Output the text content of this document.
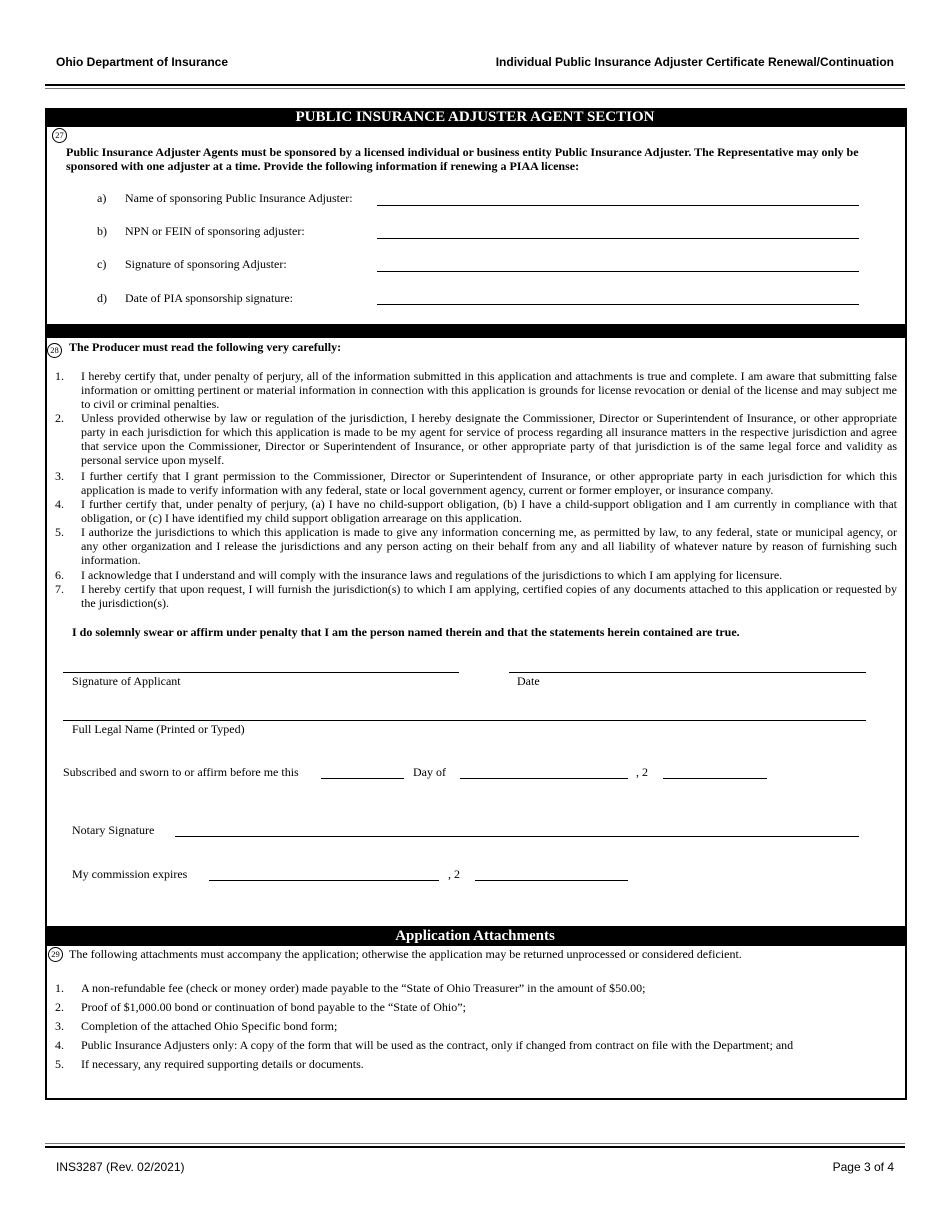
Ohio Department of Insurance	Individual Public Insurance Adjuster Certificate Renewal/Continuation
PUBLIC INSURANCE ADJUSTER AGENT SECTION
27
Public Insurance Adjuster Agents must be sponsored by a licensed individual or business entity Public Insurance Adjuster. The Representative may only be sponsored with one adjuster at a time. Provide the following information if renewing a PIAA license:
a) Name of sponsoring Public Insurance Adjuster:
b) NPN or FEIN of sponsoring adjuster:
c) Signature of sponsoring Adjuster:
d) Date of PIA sponsorship signature:
28 The Producer must read the following very carefully:
1. I hereby certify that, under penalty of perjury, all of the information submitted in this application and attachments is true and complete. I am aware that submitting false information or omitting pertinent or material information in connection with this application is grounds for license revocation or denial of the license and may subject me to civil or criminal penalties.
2. Unless provided otherwise by law or regulation of the jurisdiction, I hereby designate the Commissioner, Director or Superintendent of Insurance, or other appropriate party in each jurisdiction for which this application is made to be my agent for service of process regarding all insurance matters in the respective jurisdiction and agree that service upon the Commissioner, Director or Superintendent of Insurance, or other appropriate party of that jurisdiction is of the same legal force and validity as personal service upon myself.
3. I further certify that I grant permission to the Commissioner, Director or Superintendent of Insurance, or other appropriate party in each jurisdiction for which this application is made to verify information with any federal, state or local government agency, current or former employer, or insurance company.
4. I further certify that, under penalty of perjury, (a) I have no child-support obligation, (b) I have a child-support obligation and I am currently in compliance with that obligation, or (c) I have identified my child support obligation arrearage on this application.
5. I authorize the jurisdictions to which this application is made to give any information concerning me, as permitted by law, to any federal, state or municipal agency, or any other organization and I release the jurisdictions and any person acting on their behalf from any and all liability of whatever nature by reason of furnishing such information.
6. I acknowledge that I understand and will comply with the insurance laws and regulations of the jurisdictions to which I am applying for licensure.
7. I hereby certify that upon request, I will furnish the jurisdiction(s) to which I am applying, certified copies of any documents attached to this application or requested by the jurisdiction(s).
I do solemnly swear or affirm under penalty that I am the person named therein and that the statements herein contained are true.
Signature of Applicant	Date
Full Legal Name (Printed or Typed)
Subscribed and sworn to or affirm before me this	Day of	, 2
Notary Signature
My commission expires	, 2
Application Attachments
29 The following attachments must accompany the application; otherwise the application may be returned unprocessed or considered deficient.
1. A non-refundable fee (check or money order) made payable to the “State of Ohio Treasurer” in the amount of $50.00;
2. Proof of $1,000.00 bond or continuation of bond payable to the “State of Ohio”;
3. Completion of the attached Ohio Specific bond form;
4. Public Insurance Adjusters only: A copy of the form that will be used as the contract, only if changed from contract on file with the Department; and
5. If necessary, any required supporting details or documents.
INS3287 (Rev. 02/2021)	Page 3 of 4
